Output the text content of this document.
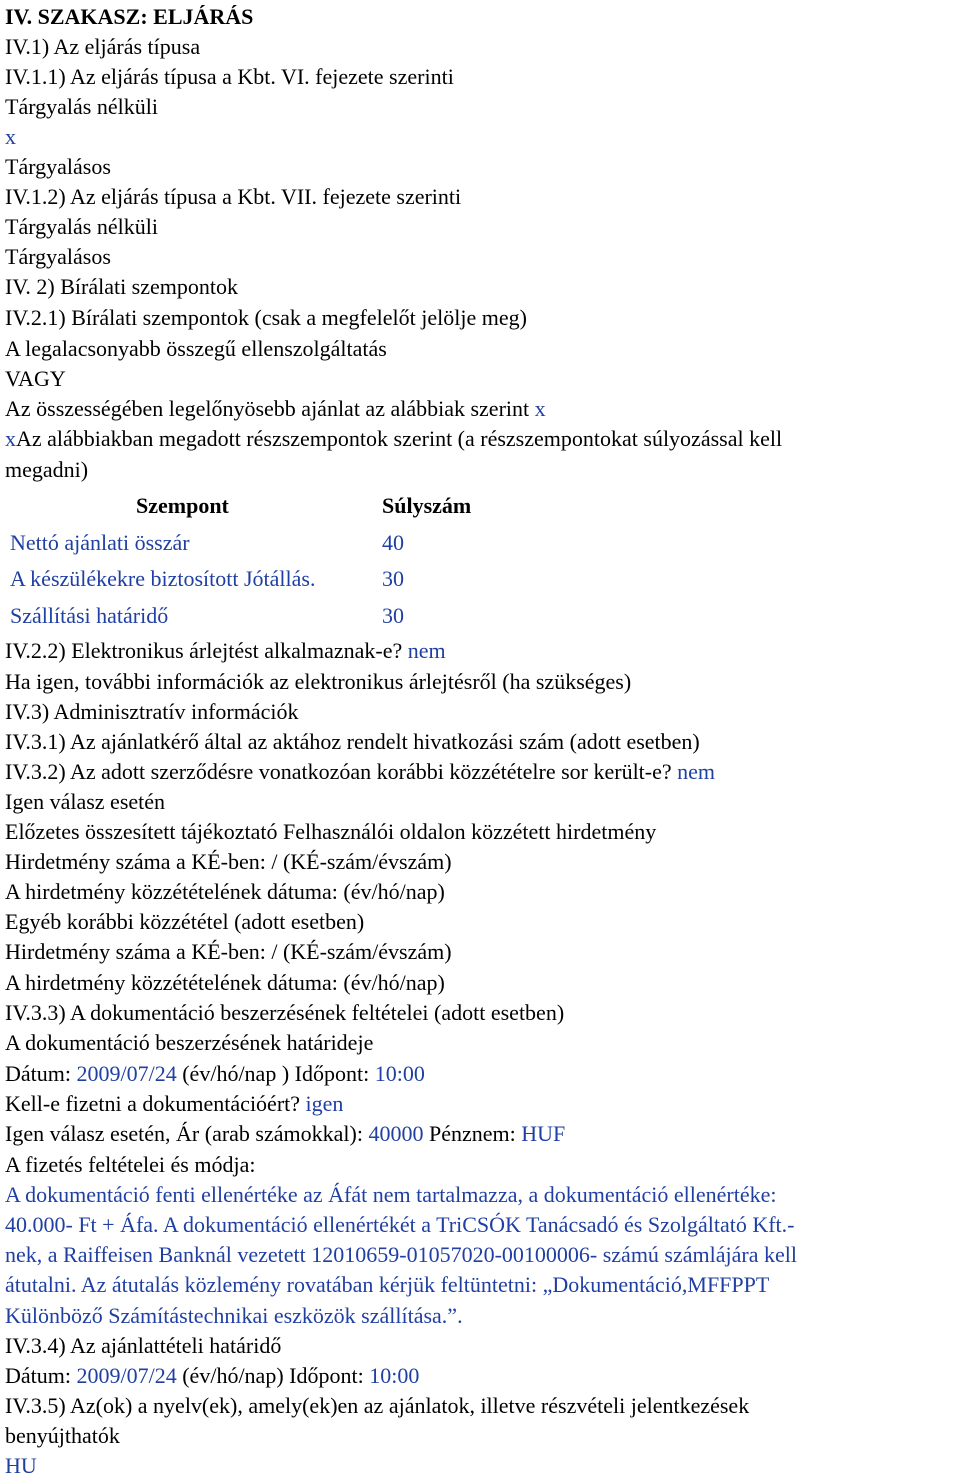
IV. SZAKASZ: ELJÁRÁS
IV.1) Az eljárás típusa
IV.1.1) Az eljárás típusa a Kbt. VI. fejezete szerinti
Tárgyalás nélküli
x
Tárgyalásos
IV.1.2) Az eljárás típusa a Kbt. VII. fejezete szerinti
Tárgyalás nélküli
Tárgyalásos
IV. 2) Bírálati szempontok
IV.2.1) Bírálati szempontok (csak a megfelelőt jelölje meg)
A legalacsonyabb összegű ellenszolgáltatás
VAGY
Az összességében legelőnyösebb ajánlat az alábbiak szerint x
xAz alábbiakban megadott részszempontok szerint (a részszempontokat súlyozással kell
megadni)
Szempont	Súlyszám
Nettó ajánlati összár	40
A készülékekre biztosított Jótállás.	30
Szállítási határidő	30
IV.2.2) Elektronikus árlejtést alkalmaznak-e? nem
Ha igen, további információk az elektronikus árlejtésről (ha szükséges)
IV.3) Adminisztratív információk
IV.3.1) Az ajánlatkérő által az aktához rendelt hivatkozási szám (adott esetben)
IV.3.2) Az adott szerződésre vonatkozóan korábbi közzétételre sor került-e? nem
Igen válasz esetén
Előzetes összesített tájékoztató Felhasználói oldalon közzétett hirdetmény
Hirdetmény száma a KÉ-ben: / (KÉ-szám/évszám)
A hirdetmény közzétételének dátuma: (év/hó/nap)
Egyéb korábbi közzététel (adott esetben)
Hirdetmény száma a KÉ-ben: / (KÉ-szám/évszám)
A hirdetmény közzétételének dátuma: (év/hó/nap)
IV.3.3) A dokumentáció beszerzésének feltételei (adott esetben)
A dokumentáció beszerzésének határideje
Dátum: 2009/07/24 (év/hó/nap ) Időpont: 10:00
Kell-e fizetni a dokumentációért? igen
Igen válasz esetén, Ár (arab számokkal): 40000 Pénznem: HUF
A fizetés feltételei és módja:
A dokumentáció fenti ellenértéke az Áfát nem tartalmazza, a dokumentáció ellenértéke:
40.000- Ft + Áfa. A dokumentáció ellenértékét a TriCSÓK Tanácsadó és Szolgáltató Kft.-
nek, a Raiffeisen Banknál vezetett 12010659-01057020-00100006- számú számlájára kell
átutalni. Az átutalás közlemény rovatában kérjük feltüntetni: „Dokumentáció,MFFPPT
Különböző Számítástechnikai eszközök szállítása.”.
IV.3.4) Az ajánlattételi határidő
Dátum: 2009/07/24 (év/hó/nap) Időpont: 10:00
IV.3.5) Az(ok) a nyelv(ek), amely(ek)en az ajánlatok, illetve részvételi jelentkezések
benyújthatók
HU
